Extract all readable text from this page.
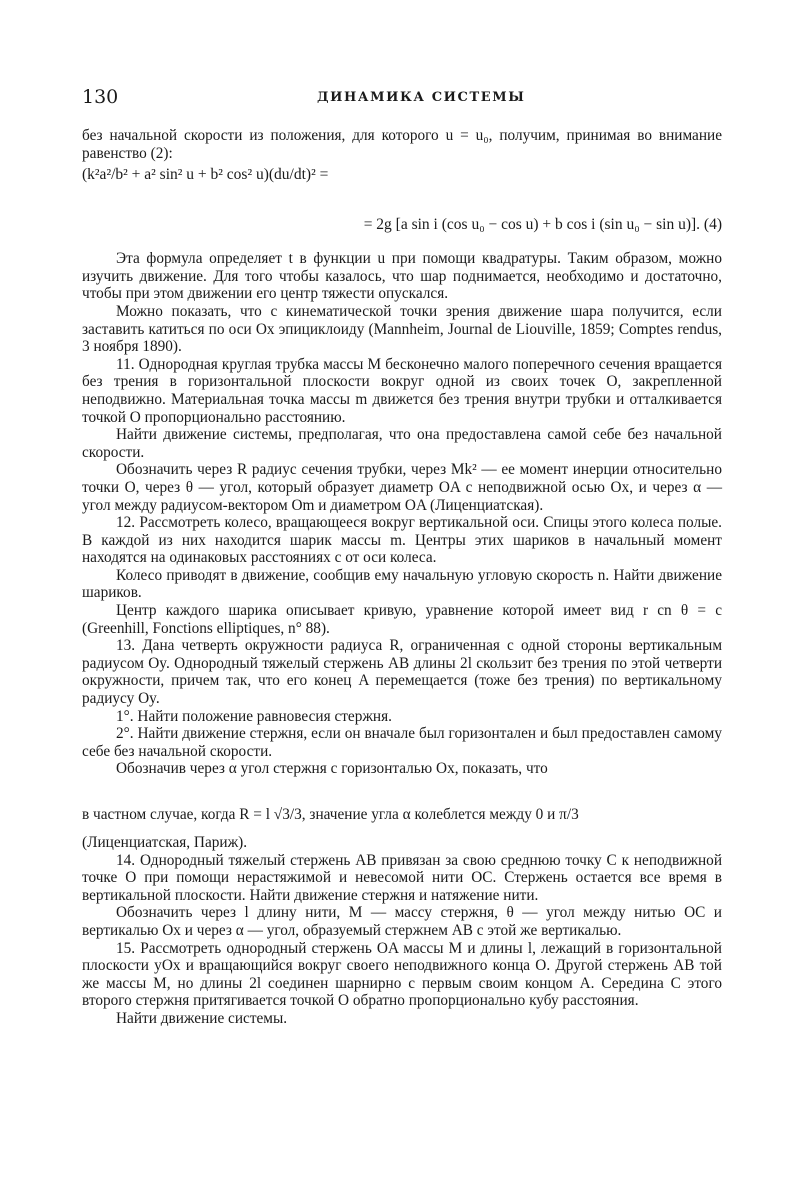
130	ДИНАМИКА СИСТЕМЫ

без начальной скорости из положения, для которого u = u₀, получим, принимая во внимание равенство (2):

(k²a²/b² + a² sin² u + b² cos² u)(du/dt)² =
= 2g [a sin i (cos u₀ − cos u) + b cos i (sin u₀ − sin u)]. (4)

Эта формула определяет t в функции u при помощи квадратуры. Таким образом, можно изучить движение. Для того чтобы казалось, что шар поднимается, необходимо и достаточно, чтобы при этом движении его центр тяжести опускался.

Можно показать, что с кинематической точки зрения движение шара получится, если заставить катиться по оси Ox эпициклоиду (Mannheim, Journal de Liouville, 1859; Comptes rendus, 3 ноября 1890).

11. Однородная круглая трубка массы M бесконечно малого поперечного сечения вращается без трения в горизонтальной плоскости вокруг одной из своих точек O, закрепленной неподвижно. Материальная точка массы m движется без трения внутри трубки и отталкивается точкой O пропорционально расстоянию.

Найти движение системы, предполагая, что она предоставлена самой себе без начальной скорости.

Обозначить через R радиус сечения трубки, через Mk² — ее момент инерции относительно точки O, через θ — угол, который образует диаметр OA с неподвижной осью Ox, и через α — угол между радиусом-вектором Om и диаметром OA (Лиценциатская).

12. Рассмотреть колесо, вращающееся вокруг вертикальной оси. Спицы этого колеса полые. В каждой из них находится шарик массы m. Центры этих шариков в начальный момент находятся на одинаковых расстояниях c от оси колеса.

Колесо приводят в движение, сообщив ему начальную угловую скорость n. Найти движение шариков.

Центр каждого шарика описывает кривую, уравнение которой имеет вид r cn θ = c (Greenhill, Fonctions elliptiques, n° 88).

13. Дана четверть окружности радиуса R, ограниченная с одной стороны вертикальным радиусом Oy. Однородный тяжелый стержень AB длины 2l скользит без трения по этой четверти окружности, причем так, что его конец A перемещается (тоже без трения) по вертикальному радиусу Oy.

1°. Найти положение равновесия стержня.

2°. Найти движение стержня, если он вначале был горизонтален и был предоставлен самому себе без начальной скорости.

Обозначив через α угол стержня с горизонталью Ox, показать, что

в частном случае, когда R = l √3/3, значение угла α колеблется между 0 и π/3

(Лиценциатская, Париж).

14. Однородный тяжелый стержень AB привязан за свою среднюю точку C к неподвижной точке O при помощи нерастяжимой и невесомой нити OC. Стержень остается все время в вертикальной плоскости. Найти движение стержня и натяжение нити.

Обозначить через l длину нити, M — массу стержня, θ — угол между нитью OC и вертикалью Ox и через α — угол, образуемый стержнем AB с этой же вертикалью.

15. Рассмотреть однородный стержень OA массы M и длины l, лежащий в горизонтальной плоскости yOx и вращающийся вокруг своего неподвижного конца O. Другой стержень AB той же массы M, но длины 2l соединен шарнирно с первым своим концом A. Середина C этого второго стержня притягивается точкой O обратно пропорционально кубу расстояния.

Найти движение системы.
